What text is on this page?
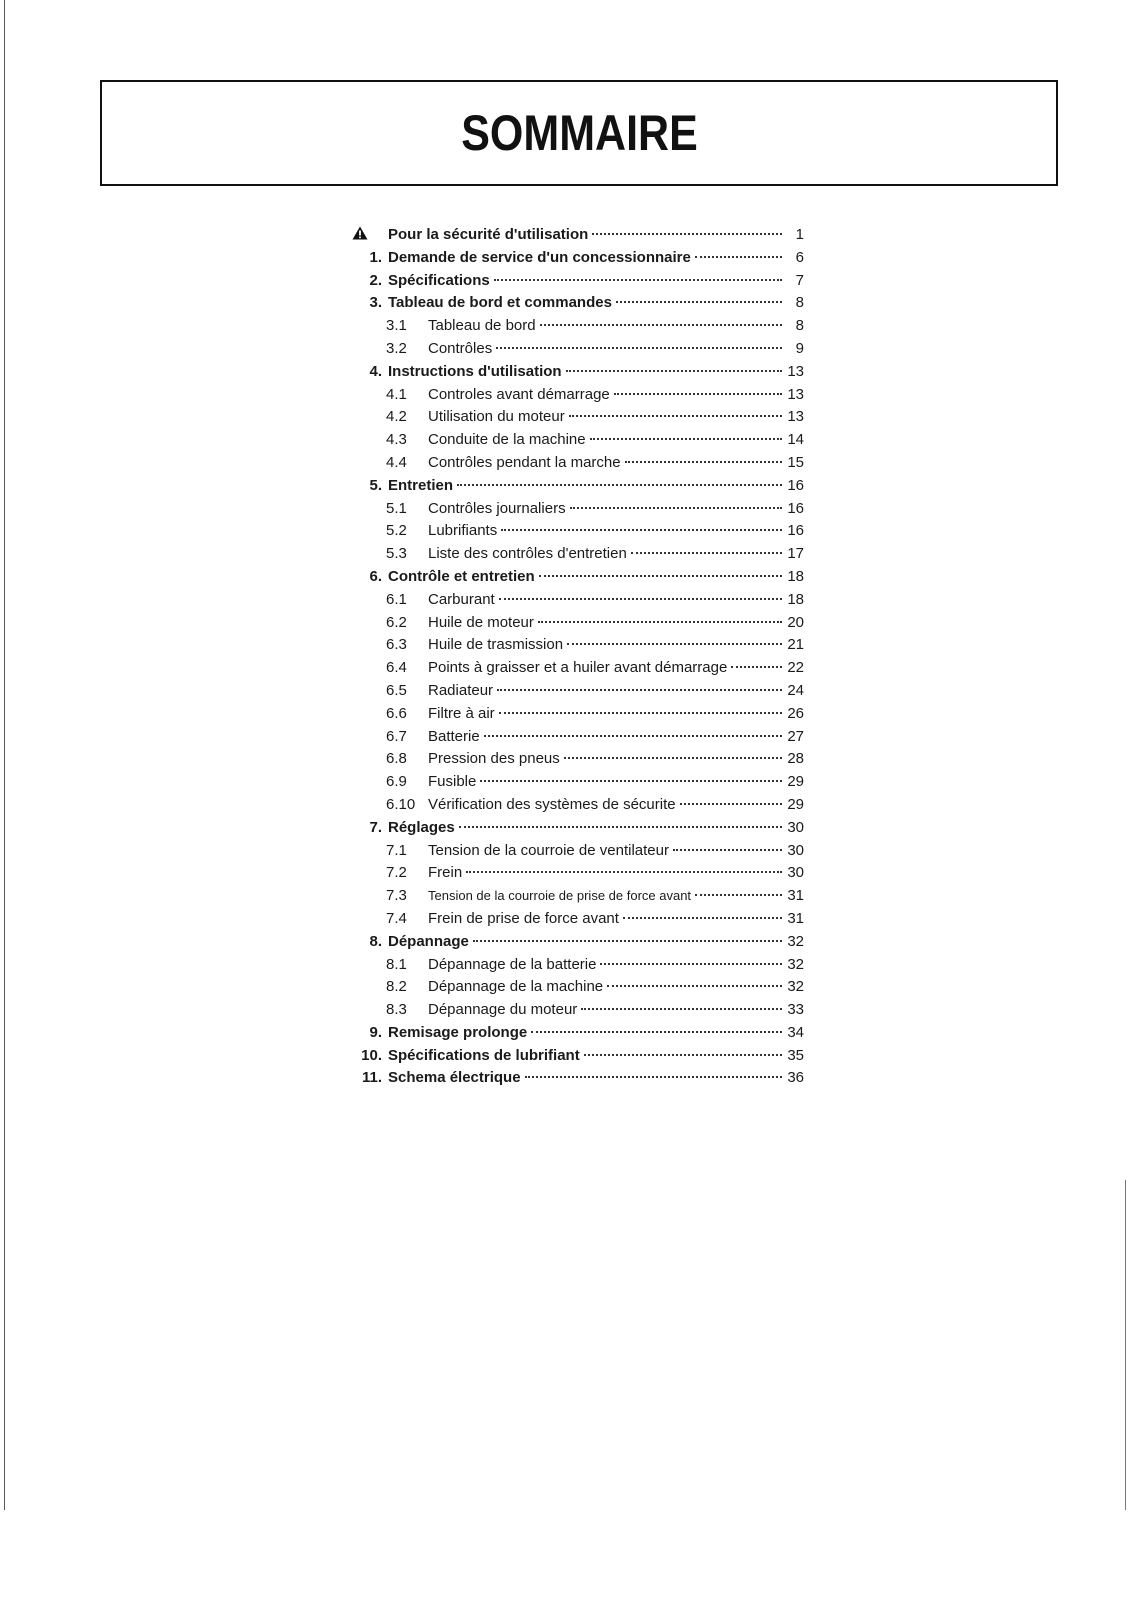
SOMMAIRE
Pour la sécurité d'utilisation	1
1. Demande de service d'un concessionnaire	6
2. Spécifications	7
3. Tableau de bord et commandes	8
3.1	Tableau de bord	8
3.2	Contrôles	9
4. Instructions d'utilisation	13
4.1	Controles avant démarrage	13
4.2	Utilisation du moteur	13
4.3	Conduite de la machine	14
4.4	Contrôles pendant la marche	15
5. Entretien	16
5.1	Contrôles journaliers	16
5.2	Lubrifiants	16
5.3	Liste des contrôles d'entretien	17
6. Contrôle et entretien	18
6.1	Carburant	18
6.2	Huile de moteur	20
6.3	Huile de trasmission	21
6.4	Points à graisser et a huiler avant démarrage	22
6.5	Radiateur	24
6.6	Filtre à air	26
6.7	Batterie	27
6.8	Pression des pneus	28
6.9	Fusible	29
6.10 Vérification des systèmes de sécurite	29
7. Réglages	30
7.1	Tension de la courroie de ventilateur	30
7.2	Frein	30
7.3	Tension de la courroie de prise de force avant	31
7.4	Frein de prise de force avant	31
8. Dépannage	32
8.1	Dépannage de la batterie	32
8.2	Dépannage de la machine	32
8.3	Dépannage du moteur	33
9. Remisage prolonge	34
10. Spécifications de lubrifiant	35
11. Schema électrique	36
